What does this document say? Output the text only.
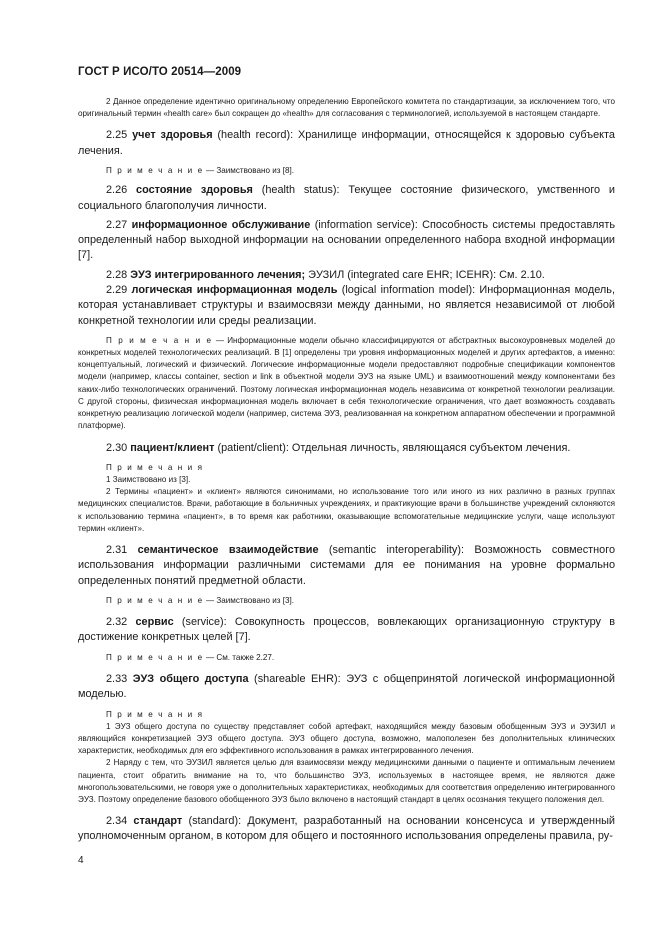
ГОСТ Р ИСО/ТО 20514—2009

2 Данное определение идентично оригинальному определению Европейского комитета по стандартизации, за исключением того, что оригинальный термин «health care» был сокращен до «health» для согласования с терминологией, используемой в настоящем стандарте.

2.25 учет здоровья (health record): Хранилище информации, относящейся к здоровью субъекта лечения.

П р и м е ч а н и е — Заимствовано из [8].

2.26 состояние здоровья (health status): Текущее состояние физического, умственного и социального благополучия личности.

2.27 информационное обслуживание (information service): Способность системы предоставлять определенный набор выходной информации на основании определенного набора входной информации [7].

2.28 ЭУЗ интегрированного лечения; ЭУЗИЛ (integrated care EHR; ICEHR): См. 2.10.

2.29 логическая информационная модель (logical information model): Информационная модель, которая устанавливает структуры и взаимосвязи между данными, но является независимой от любой конкретной технологии или среды реализации.

П р и м е ч а н и е — Информационные модели обычно классифицируются от абстрактных высокоуровневых моделей до конкретных моделей технологических реализаций. В [1] определены три уровня информационных моделей и других артефактов, а именно: концептуальный, логический и физический. Логические информационные модели предоставляют подробные спецификации компонентов модели (например, классы container, section и link в объектной модели ЭУЗ на языке UML) и взаимоотношений между компонентами без каких-либо технологических ограничений. Поэтому логическая информационная модель независима от конкретной технологии реализации. С другой стороны, физическая информационная модель включает в себя технологические ограничения, что дает возможность создавать конкретную реализацию логической модели (например, система ЭУЗ, реализованная на конкретном аппаратном обеспечении и программной платформе).

2.30 пациент/клиент (patient/client): Отдельная личность, являющаяся субъектом лечения.

П р и м е ч а н и я

1 Заимствовано из [3].

2 Термины «пациент» и «клиент» являются синонимами, но использование того или иного из них различно в разных группах медицинских специалистов. Врачи, работающие в больничных учреждениях, и практикующие врачи в большинстве учреждений склоняются к использованию термина «пациент», в то время как работники, оказывающие вспомогательные медицинские услуги, чаще используют термин «клиент».

2.31 семантическое взаимодействие (semantic interoperability): Возможность совместного использования информации различными системами для ее понимания на уровне формально определенных понятий предметной области.

П р и м е ч а н и е — Заимствовано из [3].

2.32 сервис (service): Совокупность процессов, вовлекающих организационную структуру в достижение конкретных целей [7].

П р и м е ч а н и е — См. также 2.27.

2.33 ЭУЗ общего доступа (shareable EHR): ЭУЗ с общепринятой логической информационной моделью.

П р и м е ч а н и я

1 ЭУЗ общего доступа по существу представляет собой артефакт, находящийся между базовым обобщенным ЭУЗ и ЭУЗИЛ и являющийся конкретизацией ЭУЗ общего доступа. ЭУЗ общего доступа, возможно, малополезен без дополнительных клинических характеристик, необходимых для его эффективного использования в рамках интегрированного лечения.

2 Наряду с тем, что ЭУЗИЛ является целью для взаимосвязи между медицинскими данными о пациенте и оптимальным лечением пациента, стоит обратить внимание на то, что большинство ЭУЗ, используемых в настоящее время, не являются даже многопользовательскими, не говоря уже о дополнительных характеристиках, необходимых для соответствия определению интегрированного ЭУЗ. Поэтому определение базового обобщенного ЭУЗ было включено в настоящий стандарт в целях осознания текущего положения дел.

2.34 стандарт (standard): Документ, разработанный на основании консенсуса и утвержденный уполномоченным органом, в котором для общего и постоянного использования определены правила, ру-

4
